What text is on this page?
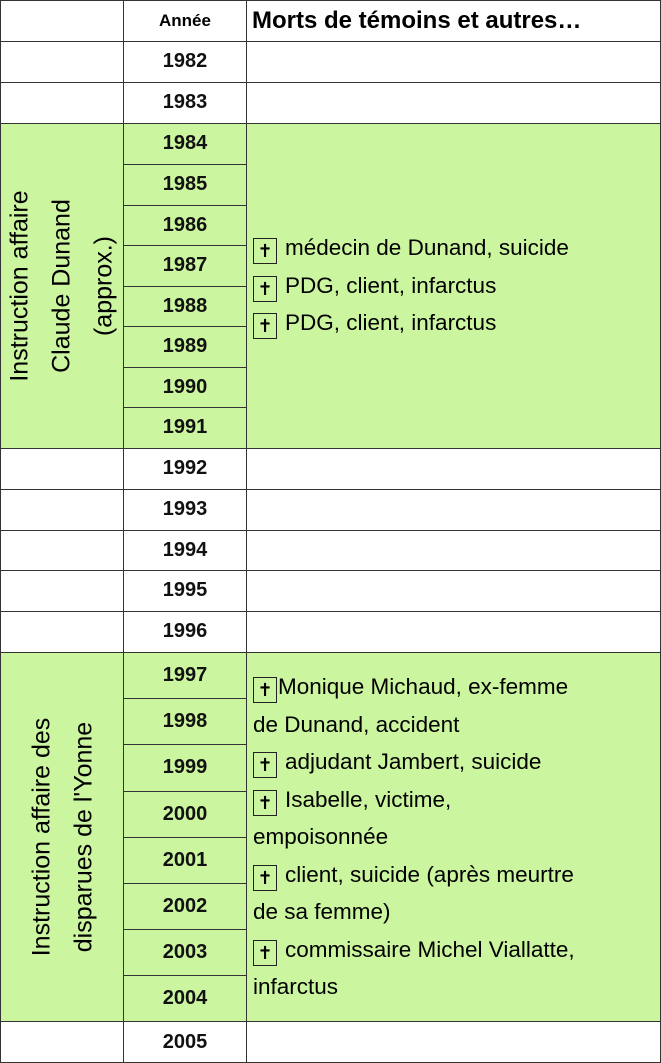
Année	Morts de témoins et autres…
1982
1983
1984
1985
1986
1987
1988
1989
1990
1991
1992
1993
1994
1995
1996
1997
1998
1999
2000
2001
2002
2003
2004
2005
Instruction affaire Claude Dunand (approx.)
Instruction affaire des disparues de l'Yonne
✝ médecin de Dunand, suicide
✝ PDG, client, infarctus
✝ PDG, client, infarctus
✝ Monique Michaud, ex-femme
de Dunand, accident
✝ adjudant Jambert, suicide
✝ Isabelle, victime,
empoisonnée
✝ client, suicide (après meurtre
de sa femme)
✝ commissaire Michel Viallatte,
infarctus
